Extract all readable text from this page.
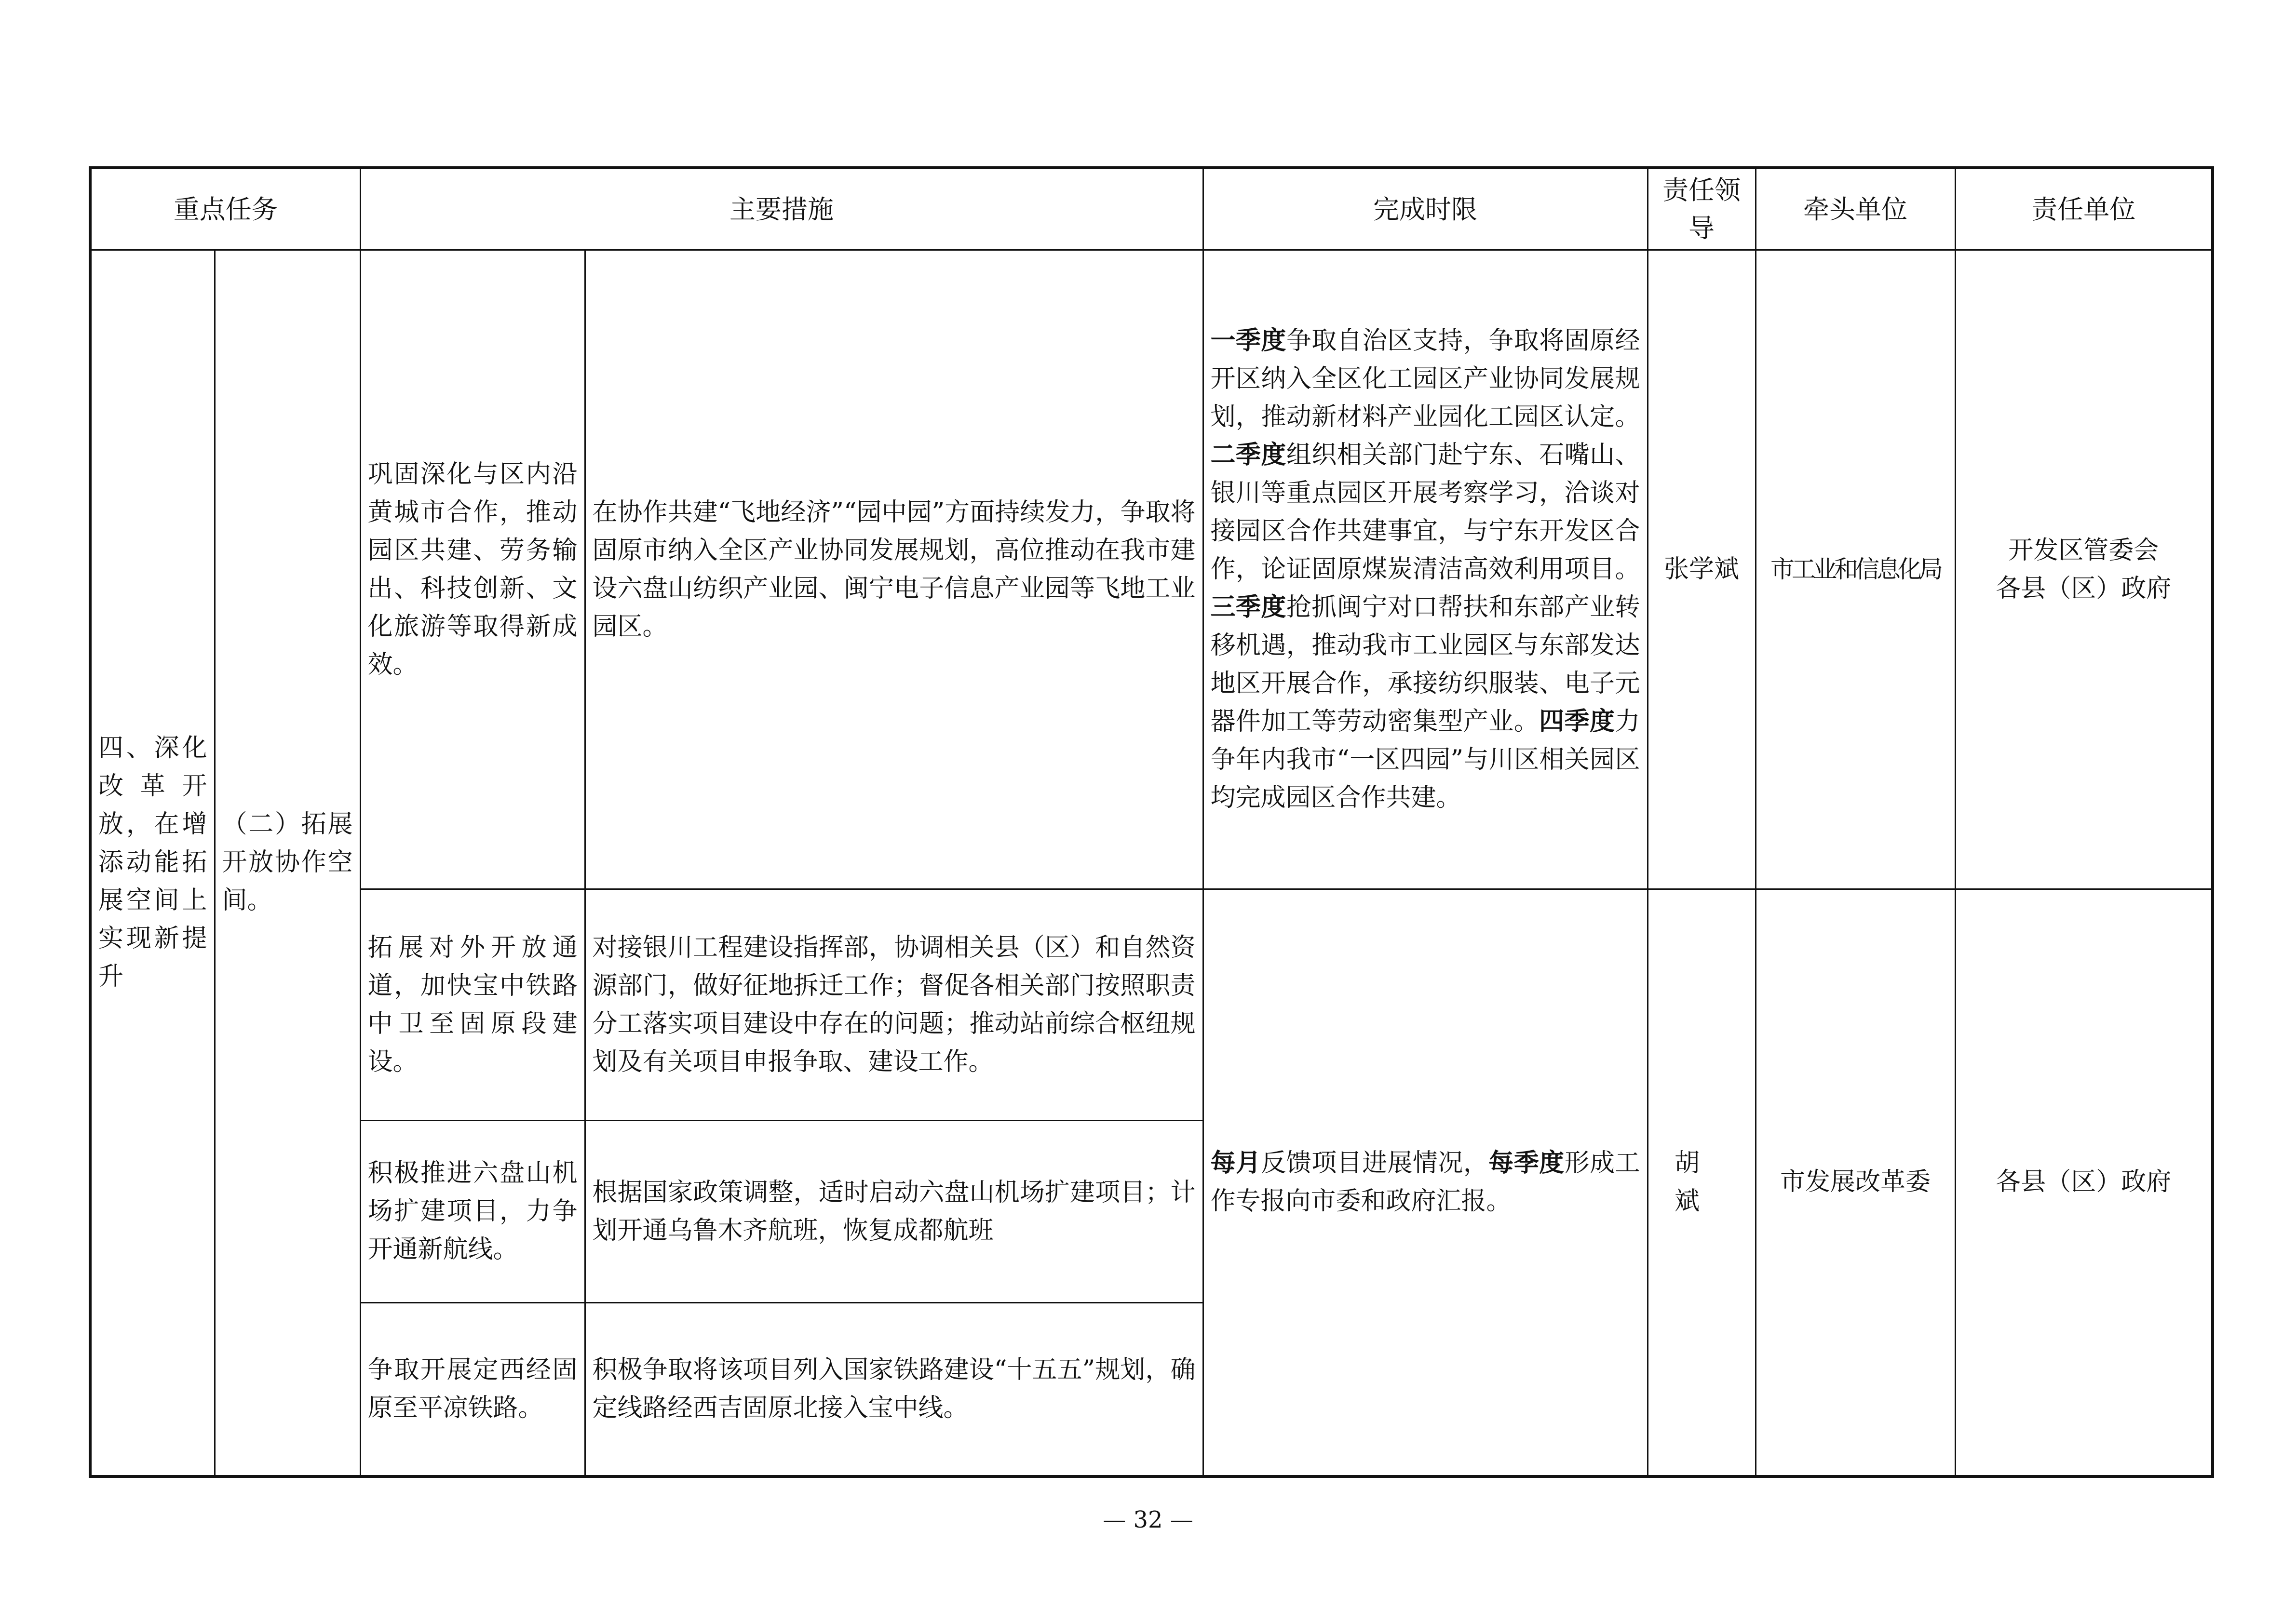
重点任务		主要措施		完成时限	责任领导	牵头单位	责任单位
四、深化改革开放，在增添动能拓展空间上实现新提升	（二）拓展开放协作空间。	巩固深化与区内沿黄城市合作，推动园区共建、劳务输出、科技创新、文化旅游等取得新成效。	在协作共建“飞地经济”“园中园”方面持续发力，争取将固原市纳入全区产业协同发展规划，高位推动在我市建设六盘山纺织产业园、闽宁电子信息产业园等飞地工业园区。	一季度争取自治区支持，争取将固原经开区纳入全区化工园区产业协同发展规划，推动新材料产业园化工园区认定。二季度组织相关部门赴宁东、石嘴山、银川等重点园区开展考察学习，洽谈对接园区合作共建事宜，与宁东开发区合作，论证固原煤炭清洁高效利用项目。三季度抢抓闽宁对口帮扶和东部产业转移机遇，推动我市工业园区与东部发达地区开展合作，承接纺织服装、电子元器件加工等劳动密集型产业。四季度力争年内我市“一区四园”与川区相关园区均完成园区合作共建。	张学斌	市工业和信息化局	开发区管委会
各县（区）政府

		拓展对外开放通道，加快宝中铁路中卫至固原段建设。	对接银川工程建设指挥部，协调相关县（区）和自然资源部门，做好征地拆迁工作；督促各相关部门按照职责分工落实项目建设中存在的问题；推动站前综合枢纽规划及有关项目申报争取、建设工作。	每月反馈项目进展情况，每季度形成工作专报向市委和政府汇报。	胡斌	市发展改革委	各县（区）政府
		积极推进六盘山机场扩建项目，力争开通新航线。	根据国家政策调整，适时启动六盘山机场扩建项目；计划开通乌鲁木齐航班，恢复成都航班				
		争取开展定西经固原至平凉铁路。	积极争取将该项目列入国家铁路建设“十五五”规划，确定线路经西吉固原北接入宝中线。				
— 32 —
